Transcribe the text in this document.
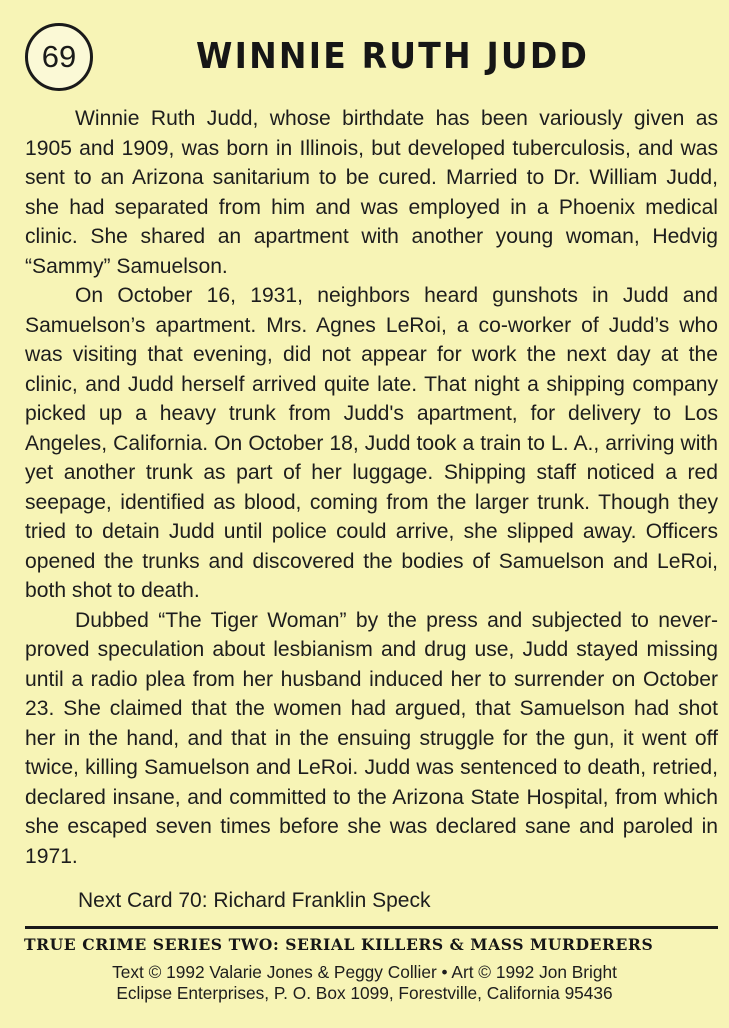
69	WINNIE RUTH JUDD

Winnie Ruth Judd, whose birthdate has been variously given as 1905 and 1909, was born in Illinois, but developed tuberculosis, and was sent to an Arizona sanitarium to be cured. Married to Dr. William Judd, she had separated from him and was employed in a Phoenix medical clinic. She shared an apartment with another young woman, Hedvig “Sammy” Samuelson.

On October 16, 1931, neighbors heard gunshots in Judd and Samuelson’s apartment. Mrs. Agnes LeRoi, a co-worker of Judd’s who was visiting that evening, did not appear for work the next day at the clinic, and Judd herself arrived quite late. That night a shipping company picked up a heavy trunk from Judd's apartment, for delivery to Los Angeles, California. On October 18, Judd took a train to L. A., arriving with yet another trunk as part of her luggage. Shipping staff noticed a red seepage, identified as blood, coming from the larger trunk. Though they tried to detain Judd until police could arrive, she slipped away. Officers opened the trunks and discovered the bodies of Samuelson and LeRoi, both shot to death.

Dubbed “The Tiger Woman” by the press and subjected to never-proved speculation about lesbianism and drug use, Judd stayed missing until a radio plea from her husband induced her to surrender on October 23. She claimed that the women had argued, that Samuelson had shot her in the hand, and that in the ensuing struggle for the gun, it went off twice, killing Samuelson and LeRoi. Judd was sentenced to death, retried, declared insane, and committed to the Arizona State Hospital, from which she escaped seven times before she was declared sane and paroled in 1971.

Next Card 70: Richard Franklin Speck
TRUE CRIME SERIES TWO: SERIAL KILLERS & MASS MURDERERS
Text © 1992 Valarie Jones & Peggy Collier • Art © 1992 Jon Bright
Eclipse Enterprises, P. O. Box 1099, Forestville, California 95436
